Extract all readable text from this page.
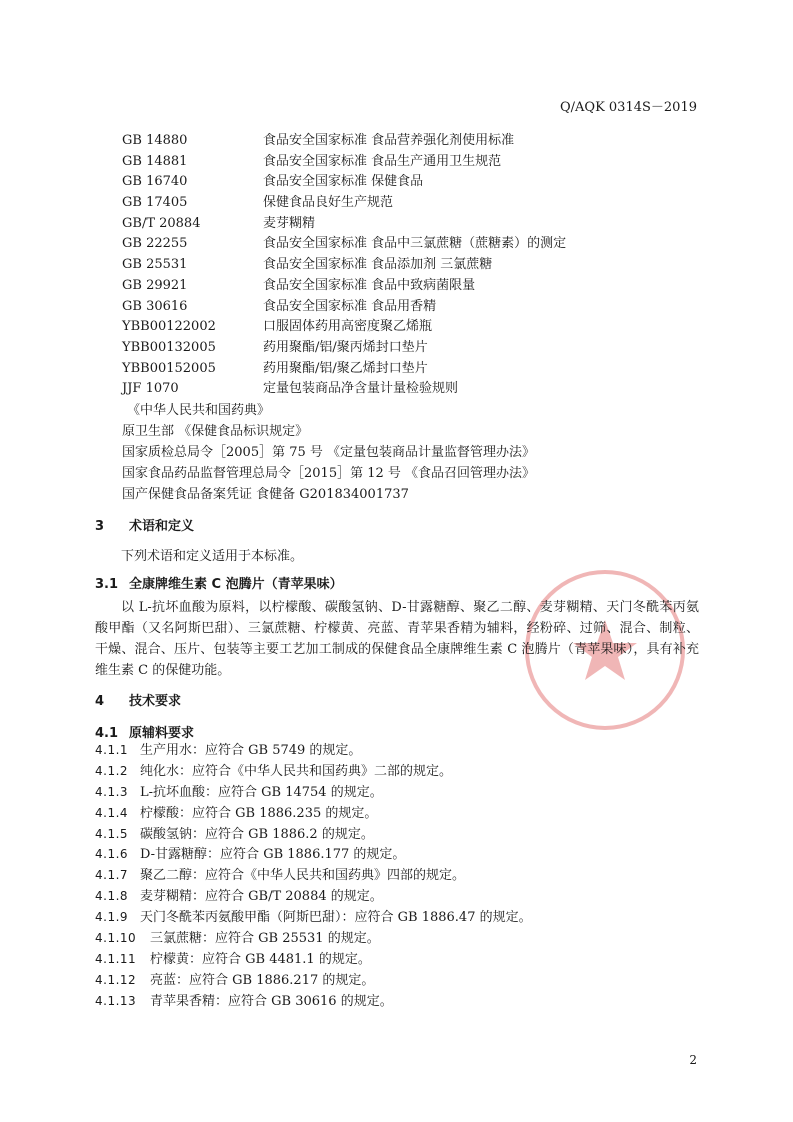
Q/AQK 0314S－2019
GB 14880	食品安全国家标准 食品营养强化剂使用标准
GB 14881	食品安全国家标准 食品生产通用卫生规范
GB 16740	食品安全国家标准 保健食品
GB 17405	保健食品良好生产规范
GB/T 20884	麦芽糊精
GB 22255	食品安全国家标准 食品中三氯蔗糖（蔗糖素）的测定
GB 25531	食品安全国家标准 食品添加剂 三氯蔗糖
GB 29921	食品安全国家标准 食品中致病菌限量
GB 30616	食品安全国家标准 食品用香精
YBB00122002	口服固体药用高密度聚乙烯瓶
YBB00132005	药用聚酯/铝/聚丙烯封口垫片
YBB00152005	药用聚酯/铝/聚乙烯封口垫片
JJF 1070	定量包装商品净含量计量检验规则
《中华人民共和国药典》
原卫生部 《保健食品标识规定》
国家质检总局令［2005］第 75 号 《定量包装商品计量监督管理办法》
国家食品药品监督管理总局令［2015］第 12 号 《食品召回管理办法》
国产保健食品备案凭证 食健备 G201834001737
3 术语和定义
下列术语和定义适用于本标准。
3.1 全康牌维生素 C 泡腾片（青苹果味）
以 L-抗坏血酸为原料，以柠檬酸、碳酸氢钠、D-甘露糖醇、聚乙二醇、麦芽糊精、天门冬酰苯丙氨酸甲酯（又名阿斯巴甜）、三氯蔗糖、柠檬黄、亮蓝、青苹果香精为辅料，经粉碎、过筛、混合、制粒、干燥、混合、压片、包装等主要工艺加工制成的保健食品全康牌维生素 C 泡腾片（青苹果味），具有补充维生素 C 的保健功能。
4 技术要求
4.1 原辅料要求
4.1.1 生产用水：应符合 GB 5749 的规定。
4.1.2 纯化水：应符合《中华人民共和国药典》二部的规定。
4.1.3 L-抗坏血酸：应符合 GB 14754 的规定。
4.1.4 柠檬酸：应符合 GB 1886.235 的规定。
4.1.5 碳酸氢钠：应符合 GB 1886.2 的规定。
4.1.6 D-甘露糖醇：应符合 GB 1886.177 的规定。
4.1.7 聚乙二醇：应符合《中华人民共和国药典》四部的规定。
4.1.8 麦芽糊精：应符合 GB/T 20884 的规定。
4.1.9 天门冬酰苯丙氨酸甲酯（阿斯巴甜）：应符合 GB 1886.47 的规定。
4.1.10 三氯蔗糖：应符合 GB 25531 的规定。
4.1.11 柠檬黄：应符合 GB 4481.1 的规定。
4.1.12 亮蓝：应符合 GB 1886.217 的规定。
4.1.13 青苹果香精：应符合 GB 30616 的规定。
2
